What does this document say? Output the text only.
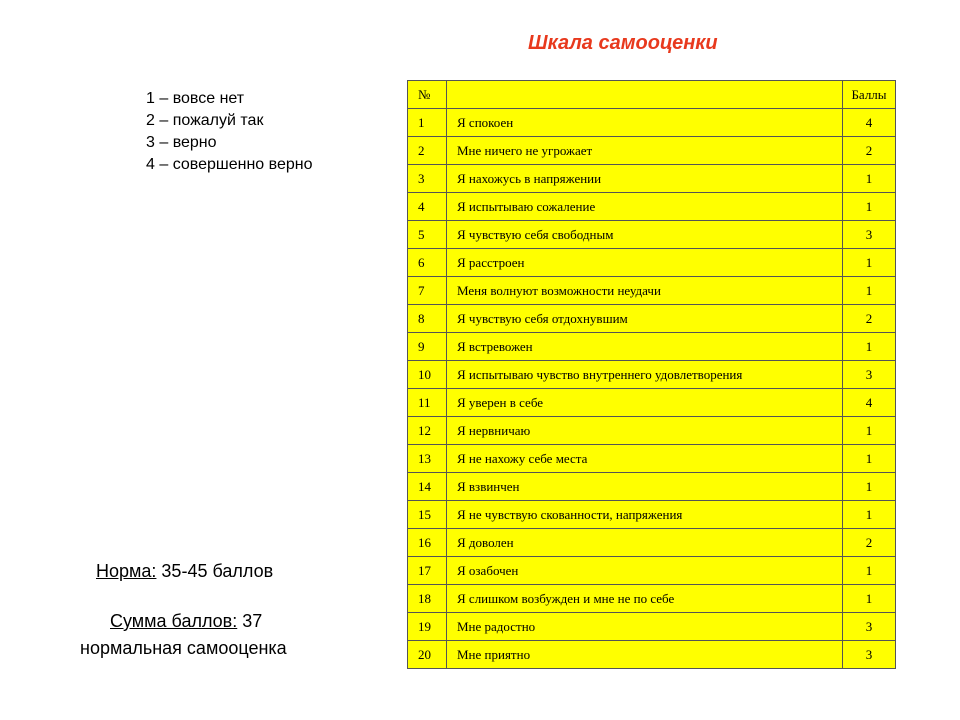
Шкала самооценки
1 – вовсе нет
2 – пожалуй так
3 – верно
4 – совершенно верно
№		Баллы
1	Я спокоен	4
2	Мне ничего не угрожает	2
3	Я нахожусь в напряжении	1
4	Я испытываю сожаление	1
5	Я чувствую себя свободным	3
6	Я расстроен	1
7	Меня волнуют возможности неудачи	1
8	Я чувствую себя отдохнувшим	2
9	Я встревожен	1
10	Я испытываю чувство внутреннего удовлетворения	3
11	Я уверен в себе	4
12	Я нервничаю	1
13	Я не нахожу себе места	1
14	Я взвинчен	1
15	Я не чувствую скованности, напряжения	1
16	Я доволен	2
17	Я озабочен	1
18	Я слишком возбужден и мне не по себе	1
19	Мне радостно	3
20	Мне приятно	3
Норма: 35-45 баллов
Сумма баллов: 37
нормальная самооценка
